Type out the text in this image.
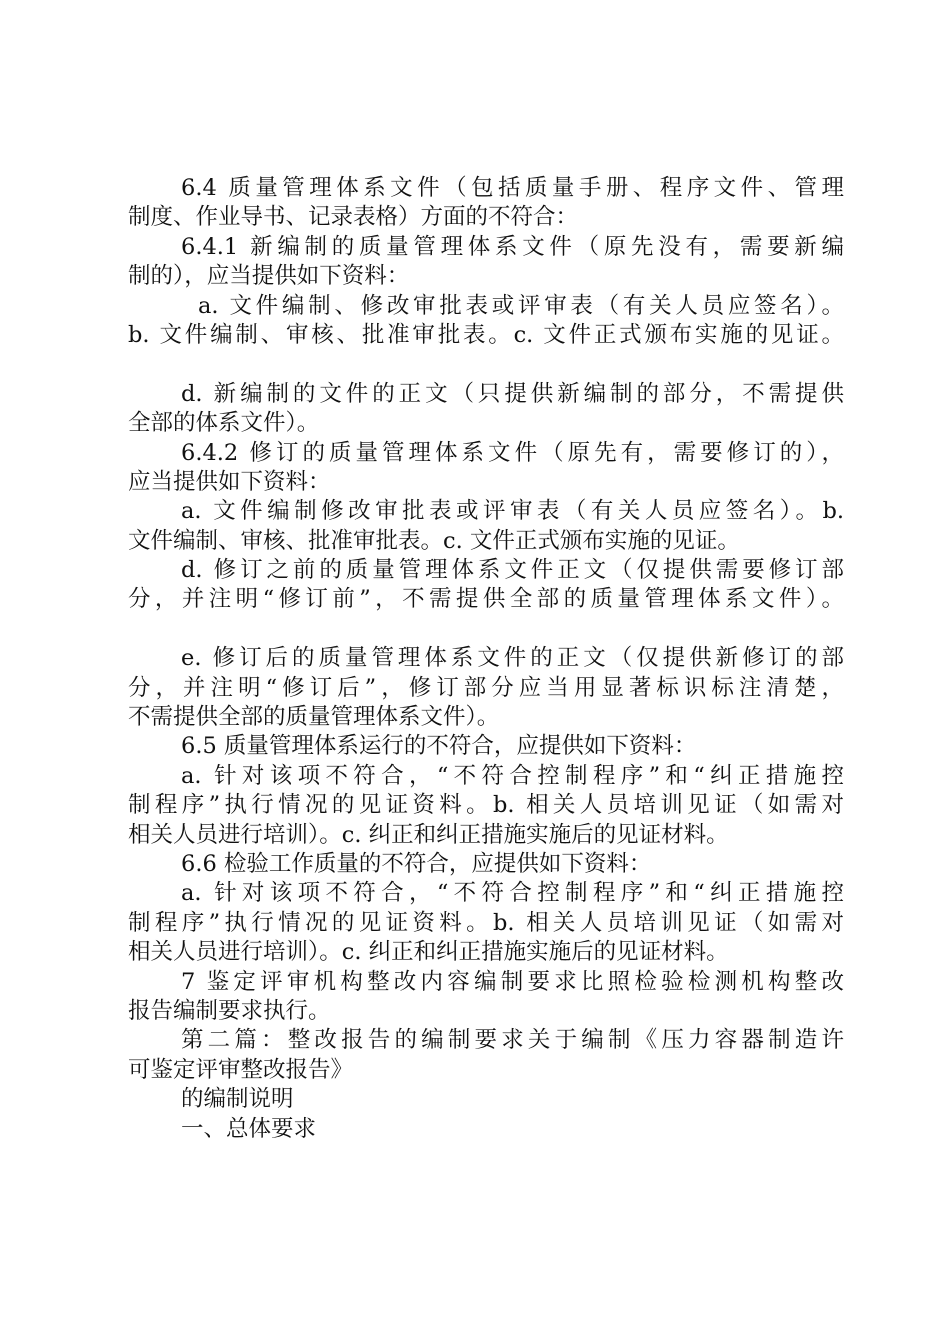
6.4 质量管理体系文件（包括质量手册、程序文件、管理
制度、作业导书、记录表格）方面的不符合：
6.4.1 新编制的质量管理体系文件（原先没有，需要新编
制的），应当提供如下资料：
a. 文件编制、修改审批表或评审表（有关人员应签名）。
b. 文件编制、审核、批准审批表。c. 文件正式颁布实施的见证。
d. 新编制的文件的正文（只提供新编制的部分，不需提供
全部的体系文件）。
6.4.2 修订的质量管理体系文件（原先有，需要修订的），
应当提供如下资料：
a. 文件编制修改审批表或评审表（有关人员应签名）。b.
文件编制、审核、批准审批表。c. 文件正式颁布实施的见证。
d. 修订之前的质量管理体系文件正文（仅提供需要修订部
分，并注明“修订前”，不需提供全部的质量管理体系文件）。
e. 修订后的质量管理体系文件的正文（仅提供新修订的部
分，并注明“修订后”，修订部分应当用显著标识标注清楚，
不需提供全部的质量管理体系文件）。
6.5 质量管理体系运行的不符合，应提供如下资料：
a. 针对该项不符合，“不符合控制程序”和“纠正措施控
制程序”执行情况的见证资料。b. 相关人员培训见证（如需对
相关人员进行培训）。c. 纠正和纠正措施实施后的见证材料。
6.6 检验工作质量的不符合，应提供如下资料：
a. 针对该项不符合，“不符合控制程序”和“纠正措施控
制程序”执行情况的见证资料。b. 相关人员培训见证（如需对
相关人员进行培训）。c. 纠正和纠正措施实施后的见证材料。
7 鉴定评审机构整改内容编制要求比照检验检测机构整改
报告编制要求执行。
第二篇：整改报告的编制要求关于编制《压力容器制造许
可鉴定评审整改报告》
的编制说明
一、总体要求
